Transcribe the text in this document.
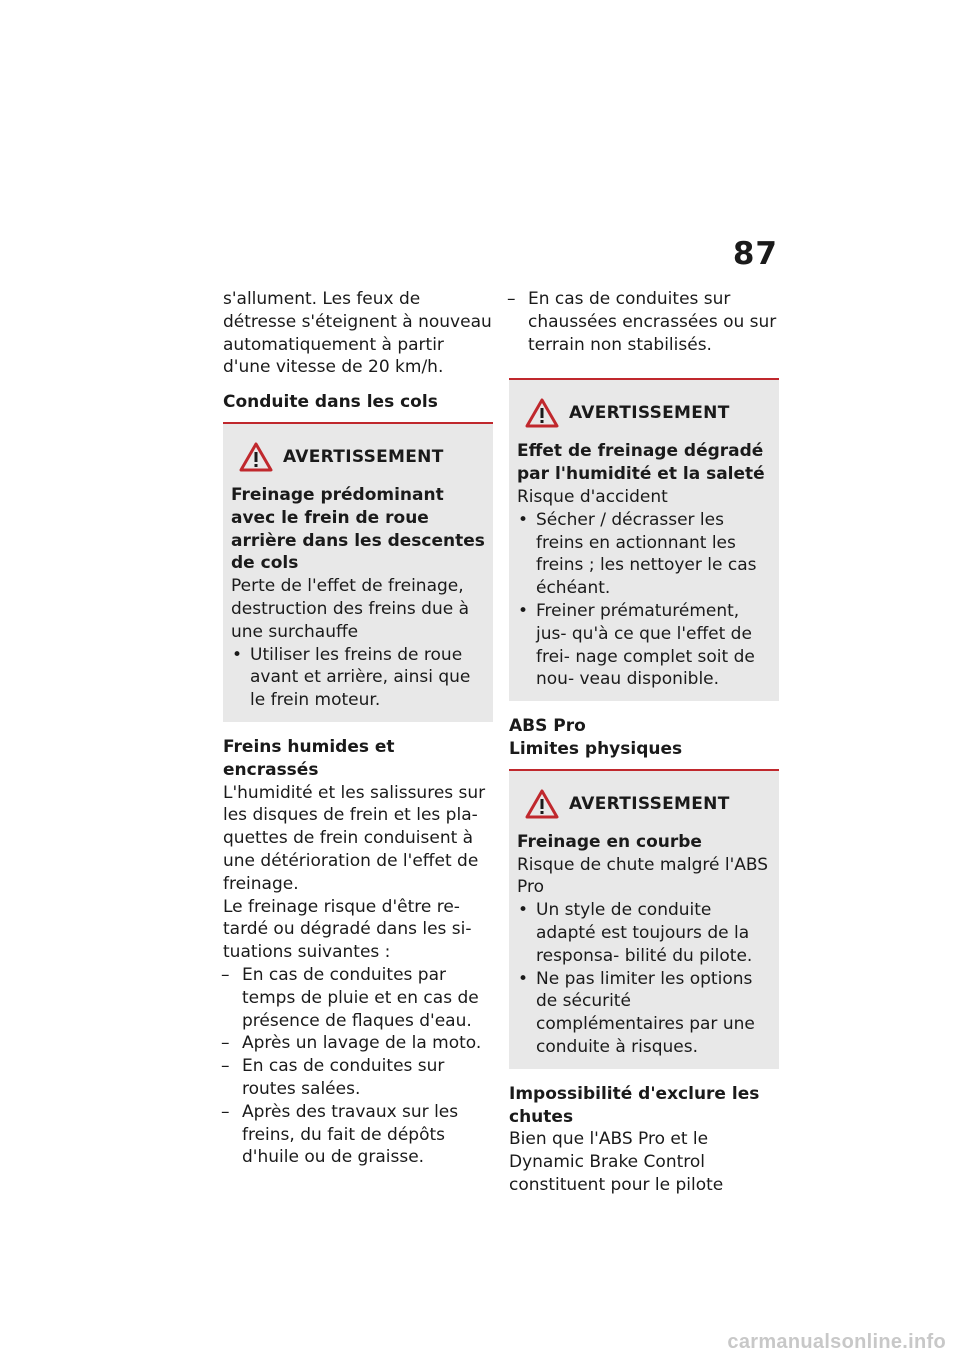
87

s'allument. Les feux de détresse s'éteignent à nouveau automatiquement à partir d'une vitesse de 20 km/h.

Conduite dans les cols

AVERTISSEMENT

Freinage prédominant avec le frein de roue arrière dans les descentes de cols

Perte de l'effet de freinage, destruction des freins due à une surchauffe

• Utiliser les freins de roue avant et arrière, ainsi que le frein moteur.

Freins humides et encrassés

L'humidité et les salissures sur les disques de frein et les pla- quettes de frein conduisent à une détérioration de l'effet de freinage.

Le freinage risque d'être re- tardé ou dégradé dans les si- tuations suivantes :

– En cas de conduites par temps de pluie et en cas de présence de flaques d'eau.
– Après un lavage de la moto.
– En cas de conduites sur routes salées.
– Après des travaux sur les freins, du fait de dépôts d'huile ou de graisse.
– En cas de conduites sur chaussées encrassées ou sur terrain non stabilisés.
AVERTISSEMENT

Effet de freinage dégradé par l'humidité et la saleté

Risque d'accident

• Sécher / décrasser les freins en actionnant les freins ; les nettoyer le cas échéant.
• Freiner prématurément, jus- qu'à ce que l'effet de frei- nage complet soit de nou- veau disponible.

ABS Pro

Limites physiques

AVERTISSEMENT

Freinage en courbe

Risque de chute malgré l'ABS Pro

• Un style de conduite adapté est toujours de la responsa- bilité du pilote.
• Ne pas limiter les options de sécurité complémentaires par une conduite à risques.

Impossibilité d'exclure les chutes

Bien que l'ABS Pro et le Dynamic Brake Control constituent pour le pilote

carmanualsonline.info
